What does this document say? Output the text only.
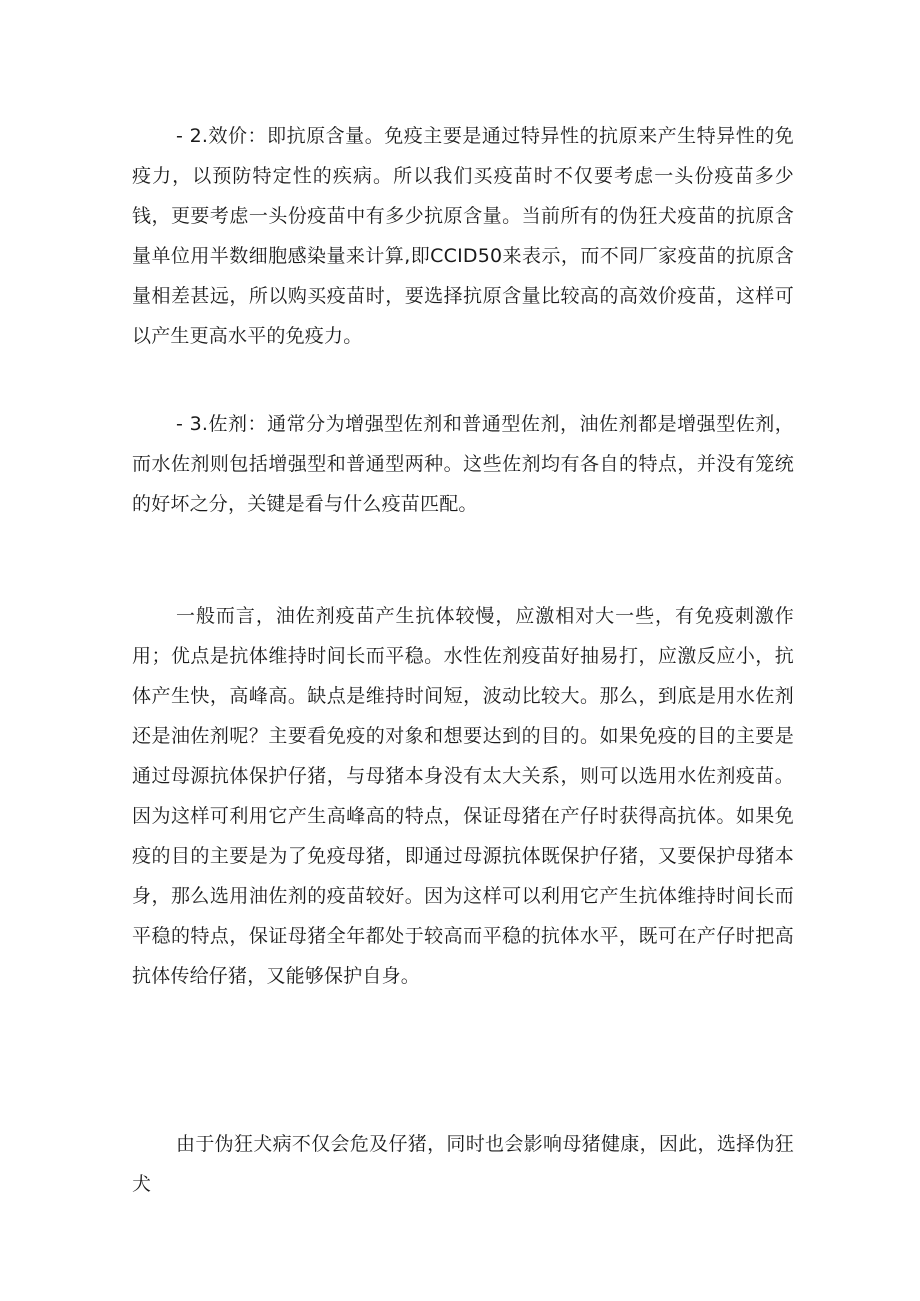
- 2.效价：即抗原含量。免疫主要是通过特异性的抗原来产生特异性的免疫力，以预防特定性的疾病。所以我们买疫苗时不仅要考虑一头份疫苗多少钱，更要考虑一头份疫苗中有多少抗原含量。当前所有的伪狂犬疫苗的抗原含量单位用半数细胞感染量来计算,即CCID50来表示，而不同厂家疫苗的抗原含量相差甚远，所以购买疫苗时，要选择抗原含量比较高的高效价疫苗，这样可以产生更高水平的免疫力。

- 3.佐剂：通常分为增强型佐剂和普通型佐剂，油佐剂都是增强型佐剂，而水佐剂则包括增强型和普通型两种。这些佐剂均有各自的特点，并没有笼统的好坏之分，关键是看与什么疫苗匹配。

一般而言，油佐剂疫苗产生抗体较慢，应激相对大一些，有免疫刺激作用；优点是抗体维持时间长而平稳。水性佐剂疫苗好抽易打，应激反应小，抗体产生快，高峰高。缺点是维持时间短，波动比较大。那么，到底是用水佐剂还是油佐剂呢？主要看免疫的对象和想要达到的目的。如果免疫的目的主要是通过母源抗体保护仔猪，与母猪本身没有太大关系，则可以选用水佐剂疫苗。因为这样可利用它产生高峰高的特点，保证母猪在产仔时获得高抗体。如果免疫的目的主要是为了免疫母猪，即通过母源抗体既保护仔猪，又要保护母猪本身，那么选用油佐剂的疫苗较好。因为这样可以利用它产生抗体维持时间长而平稳的特点，保证母猪全年都处于较高而平稳的抗体水平，既可在产仔时把高抗体传给仔猪，又能够保护自身。

由于伪狂犬病不仅会危及仔猪，同时也会影响母猪健康，因此，选择伪狂犬
